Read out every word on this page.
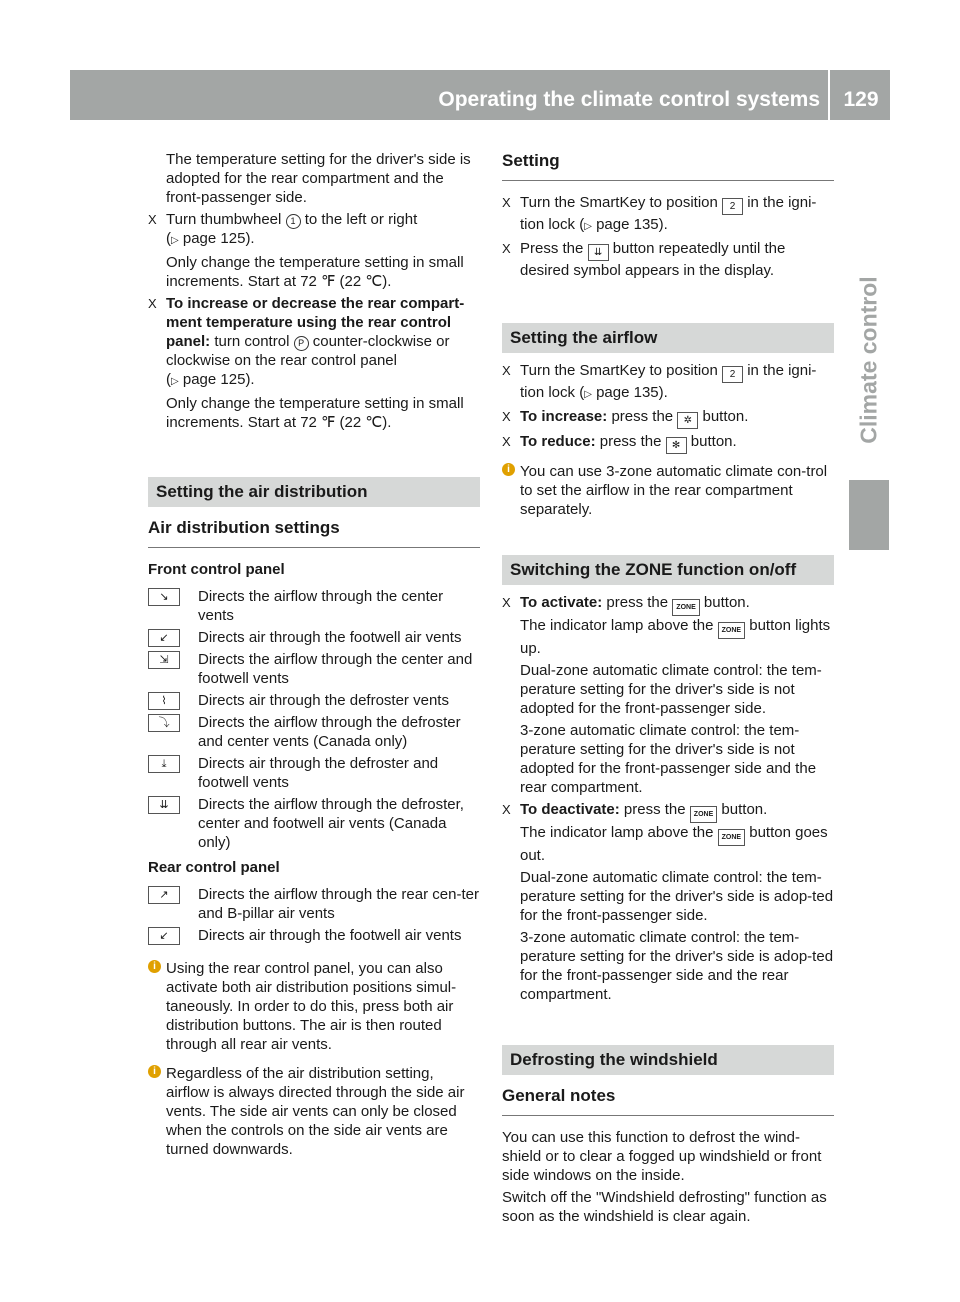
Operating the climate control systems	129
Climate control

The temperature setting for the driver's side is adopted for the rear compartment and the front-passenger side.

X Turn thumbwheel 1 to the left or right
(▷ page 125).

Only change the temperature setting in small increments. Start at 72 ℉ (22 ℃).

X To increase or decrease the rear compart-ment temperature using the rear control panel: turn control P counter-clockwise or clockwise on the rear control panel
(▷ page 125).

Only change the temperature setting in small increments. Start at 72 ℉ (22 ℃).

Setting the air distribution
Air distribution settings

Front control panel

↘	Directs the airflow through the center vents
↙	Directs air through the footwell air vents
⇲	Directs the airflow through the center and footwell vents
⌇	Directs air through the defroster vents
⤵	Directs the airflow through the defroster and center vents (Canada only)
⤓	Directs air through the defroster and footwell vents
⇊	Directs the airflow through the defroster, center and footwell air vents (Canada only)

Rear control panel

↗	Directs the airflow through the rear cen-ter and B-pillar air vents
↙	Directs air through the footwell air vents
i Using the rear control panel, you can also activate both air distribution positions simul-taneously. In order to do this, press both air distribution buttons. The air is then routed through all rear air vents.
i Regardless of the air distribution setting, airflow is always directed through the side air vents. The side air vents can only be closed when the controls on the side air vents are turned downwards.
Setting
X Turn the SmartKey to position 2 in the igni-tion lock (▷ page 135).
X Press the ⇊ button repeatedly until the desired symbol appears in the display.
Setting the airflow
X Turn the SmartKey to position 2 in the igni-tion lock (▷ page 135).
X To increase: press the ✲ button.
X To reduce: press the ✻ button.
i You can use 3-zone automatic climate con-trol to set the airflow in the rear compartment separately.
Switching the ZONE function on/off
X To activate: press the ZONE button.
The indicator lamp above the ZONE button lights up.

Dual-zone automatic climate control: the tem-perature setting for the driver's side is not adopted for the front-passenger side.

3-zone automatic climate control: the tem-perature setting for the driver's side is not adopted for the front-passenger side and the rear compartment.

X To deactivate: press the ZONE button.
The indicator lamp above the ZONE button goes out.

Dual-zone automatic climate control: the tem-perature setting for the driver's side is adop-ted for the front-passenger side.

3-zone automatic climate control: the tem-perature setting for the driver's side is adop-ted for the front-passenger side and the rear compartment.

Defrosting the windshield
General notes

You can use this function to defrost the wind-shield or to clear a fogged up windshield or front side windows on the inside.

Switch off the "Windshield defrosting" function as soon as the windshield is clear again.
